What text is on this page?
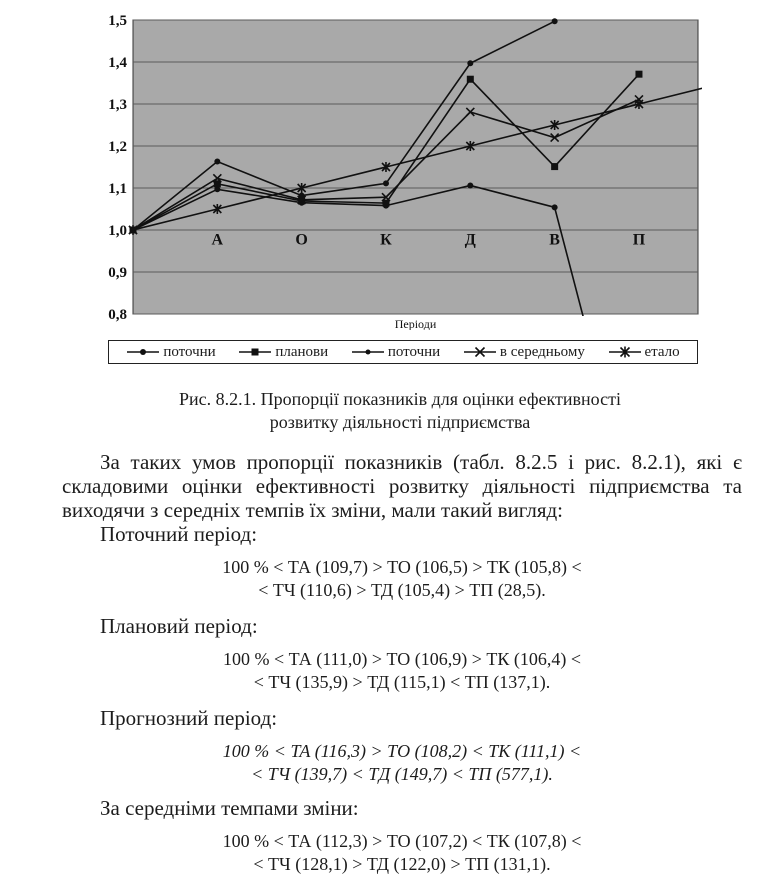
0,8
0,9
1,0
1,1
1,2
1,3
1,4
1,5
А	О	К	Д	В	П
Періоди
поточни	планови	поточни	в середньому	етало
Рис. 8.2.1. Пропорції показників для оцінки ефективності
розвитку діяльності підприємства
За таких умов пропорції показників (табл. 8.2.5 і рис. 8.2.1), які є складовими оцінки ефективності розвитку діяльності підприємства та виходячи з середніх темпів їх зміни, мали такий вигляд:
Поточний період:
100 % < ТА (109,7) > ТО (106,5) > ТК (105,8) <
< ТЧ (110,6) > ТД (105,4) > ТП (28,5).
Плановий період:
100 % < ТА (111,0) > ТО (106,9) > ТК (106,4) <
< ТЧ (135,9) > ТД (115,1) < ТП (137,1).
Прогнозний період:
100 % < ТА (116,3) > ТО (108,2) < ТК (111,1) <
< ТЧ (139,7) < ТД (149,7) < ТП (577,1).
За середніми темпами зміни:
100 % < ТА (112,3) > ТО (107,2) < ТК (107,8) <
< ТЧ (128,1) > ТД (122,0) > ТП (131,1).
